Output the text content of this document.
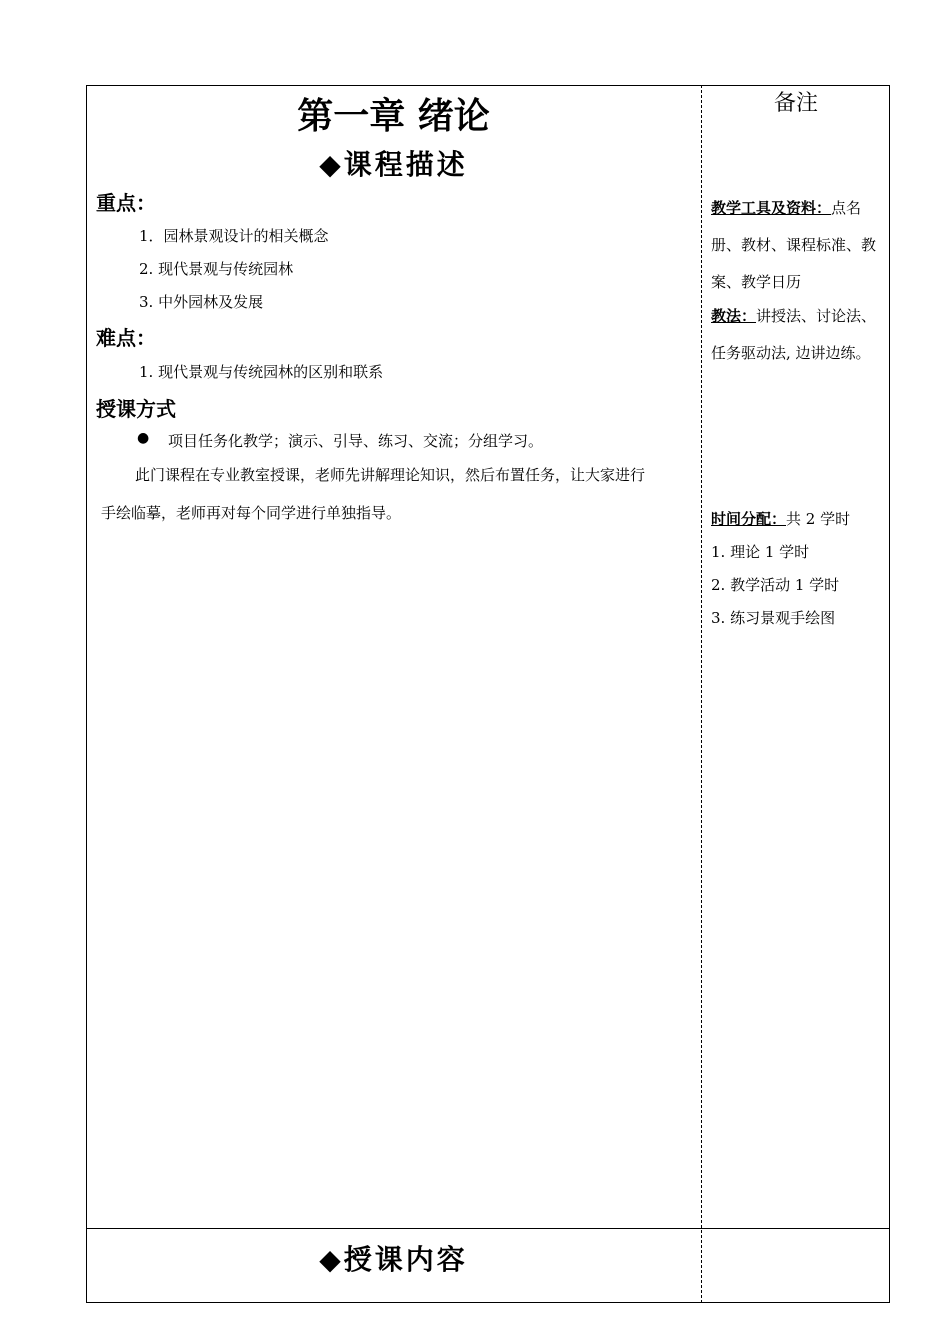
第一章 绪论
◆课程描述
重点：
1．园林景观设计的相关概念
2. 现代景观与传统园林
3. 中外园林及发展
难点：
1. 现代景观与传统园林的区别和联系
授课方式
● 项目任务化教学；演示、引导、练习、交流；分组学习。
此门课程在专业教室授课，老师先讲解理论知识，然后布置任务，让大家进行
手绘临摹，老师再对每个同学进行单独指导。
◆授课内容
备注
教学工具及资料：点名
册、教材、课程标准、教
案、教学日历
教法：讲授法、讨论法、
任务驱动法, 边讲边练。
时间分配：共 2 学时
1. 理论 1 学时
2. 教学活动 1 学时
3. 练习景观手绘图
